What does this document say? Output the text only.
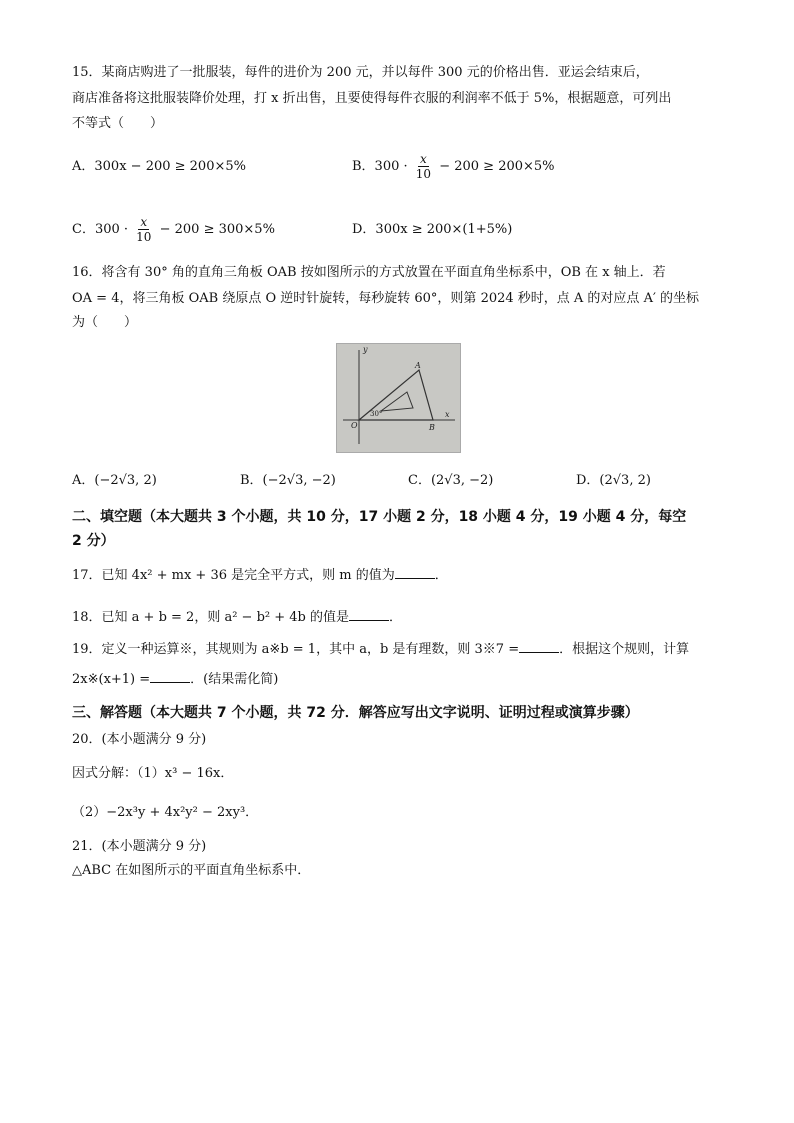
15．某商店购进了一批服装，每件的进价为 200 元，并以每件 300 元的价格出售．亚运会结束后，
商店准备将这批服装降价处理，打 x 折出售，且要使得每件衣服的利润率不低于 5%，根据题意，可列出
不等式（　　）
A．300x − 200 ≥ 200×5%	B．$300 \cdot \frac{x}{10} - 200 \ge 200\times 5\%$
C．$300 \cdot \frac{x}{10} - 200 \ge 300\times 5\%$	D．300x ≥ 200×(1+5%)
16．将含有 30° 角的直角三角板 OAB 按如图所示的方式放置在平面直角坐标系中，OB 在 x 轴上．若
OA = 4，将三角板 OAB 绕原点 O 逆时针旋转，每秒旋转 60°，则第 2024 秒时，点 A 的对应点 A′ 的坐标
为（　　）
y
x
A
B
O
30°
A．(−2√3, 2)	B．(−2√3, −2)	C．(2√3, −2)	D．(2√3, 2)
二、填空题（本大题共 3 个小题，共 10 分，17 小题 2 分，18 小题 4 分，19 小题 4 分，每空
2 分）
17．已知 4x² + mx + 36 是完全平方式，则 m 的值为	．
18．已知 a + b = 2，则 a² − b² + 4b 的值是	．
19．定义一种运算※，其规则为 a※b = 1，其中 a，b 是有理数，则 3※7 =	．根据这个规则，计算
2x※(x+1) =	．(结果需化简)
三、解答题（本大题共 7 个小题，共 72 分．解答应写出文字说明、证明过程或演算步骤）
20．(本小题满分 9 分)
因式分解：（1）x³ − 16x．
（2）−2x³y + 4x²y² − 2xy³．
21．(本小题满分 9 分)
△ABC 在如图所示的平面直角坐标系中．
